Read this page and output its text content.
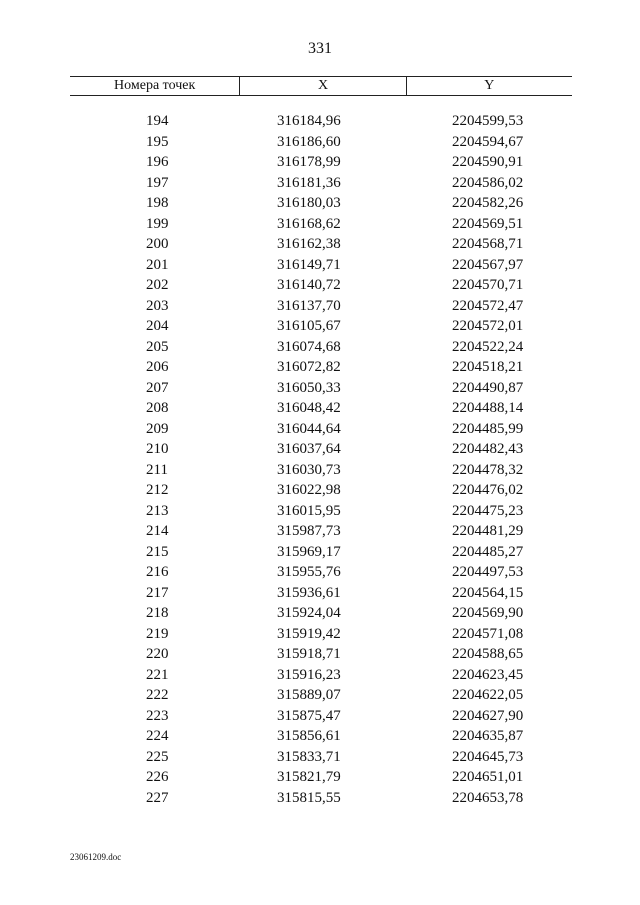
331
Номера точек	X	Y
194	316184,96	2204599,53
195	316186,60	2204594,67
196	316178,99	2204590,91
197	316181,36	2204586,02
198	316180,03	2204582,26
199	316168,62	2204569,51
200	316162,38	2204568,71
201	316149,71	2204567,97
202	316140,72	2204570,71
203	316137,70	2204572,47
204	316105,67	2204572,01
205	316074,68	2204522,24
206	316072,82	2204518,21
207	316050,33	2204490,87
208	316048,42	2204488,14
209	316044,64	2204485,99
210	316037,64	2204482,43
211	316030,73	2204478,32
212	316022,98	2204476,02
213	316015,95	2204475,23
214	315987,73	2204481,29
215	315969,17	2204485,27
216	315955,76	2204497,53
217	315936,61	2204564,15
218	315924,04	2204569,90
219	315919,42	2204571,08
220	315918,71	2204588,65
221	315916,23	2204623,45
222	315889,07	2204622,05
223	315875,47	2204627,90
224	315856,61	2204635,87
225	315833,71	2204645,73
226	315821,79	2204651,01
227	315815,55	2204653,78
23061209.doc
